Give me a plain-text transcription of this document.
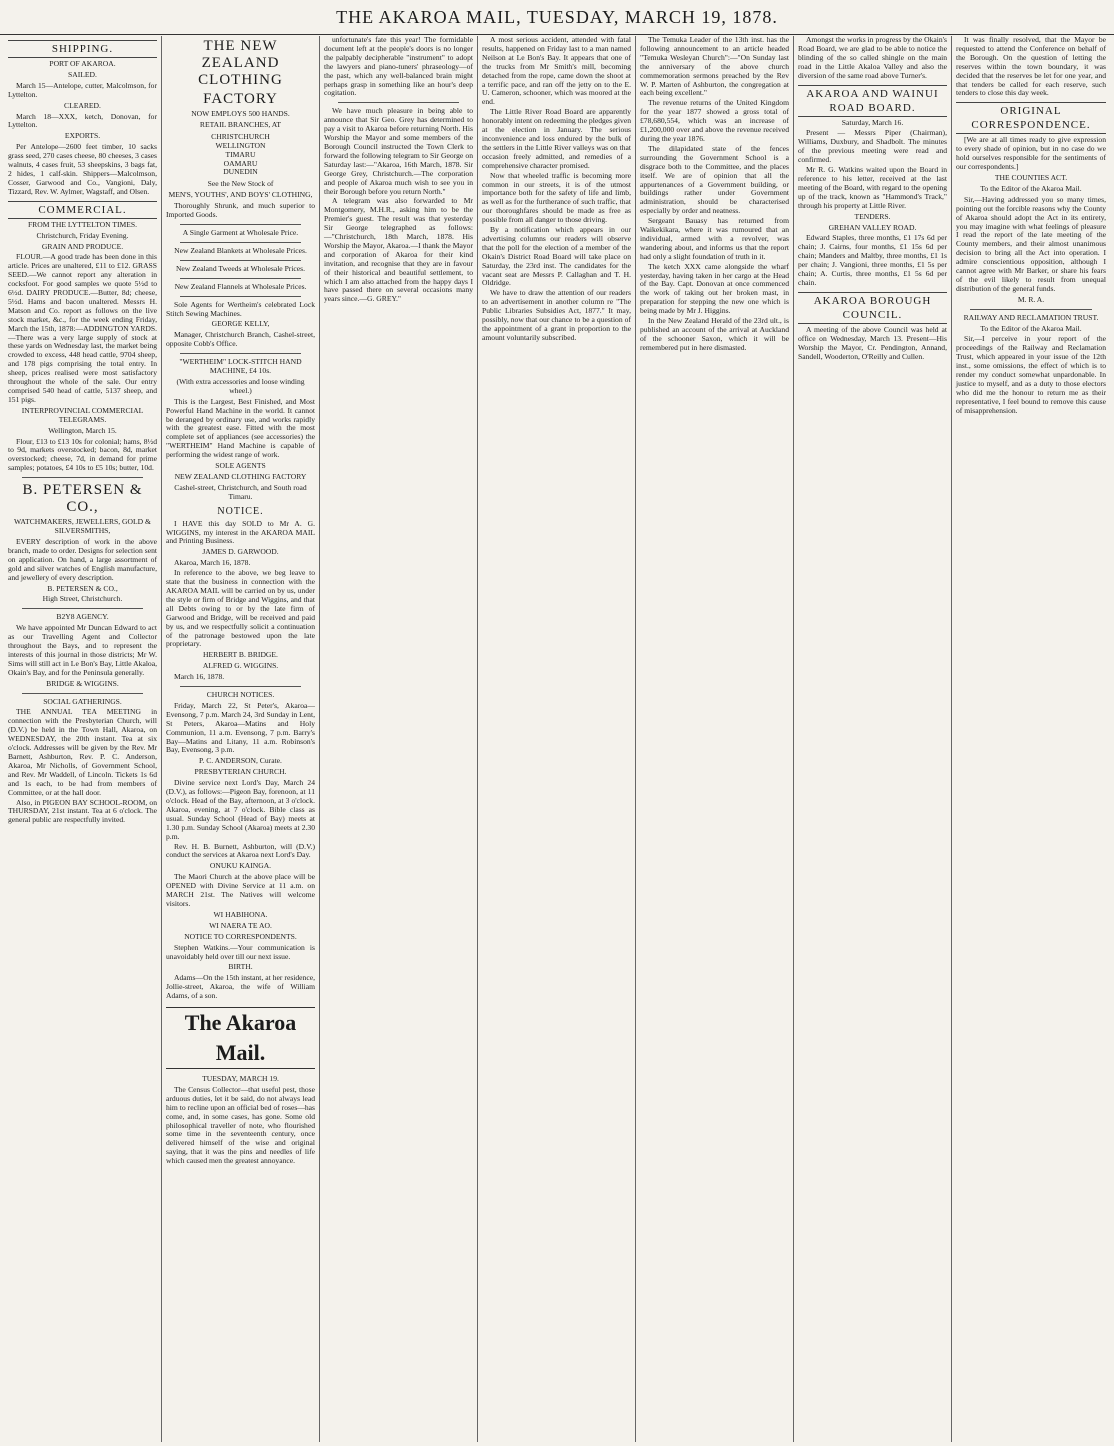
THE AKAROA MAIL, TUESDAY, MARCH 19, 1878.
SHIPPING.
PORT OF AKAROA.
SAILED.

March 15—Antelope, cutter, Malcolmson, for Lyttelton.

CLEARED.

March 18—XXX, ketch, Donovan, for Lyttelton.

EXPORTS.

Per Antelope—2600 feet timber, 10 sacks grass seed, 270 cases cheese, 80 cheeses, 3 cases walnuts, 4 cases fruit, 53 sheepskins, 3 bags fat, 2 hides, 1 calf-skin. Shippers—Malcolmson, Cosser, Garwood and Co., Vangioni, Daly, Tizzard, Rev. W. Aylmer, Wagstaff, and Olsen.

COMMERCIAL.
FROM THE LYTTELTON TIMES.
Christchurch, Friday Evening.
GRAIN AND PRODUCE.

FLOUR.—A good trade has been done in this article. Prices are unaltered, £11 to £12. GRASS SEED.—We cannot report any alteration in cocksfoot. For good samples we quote 5½d to 6½d. DAIRY PRODUCE.—Butter, 8d; cheese, 5½d. Hams and bacon unaltered. Messrs H. Matson and Co. report as follows on the live stock market, &c., for the week ending Friday, March the 15th, 1878:—ADDINGTON YARDS.—There was a very large supply of stock at these yards on Wednesday last, the market being crowded to excess, 448 head cattle, 9704 sheep, and 178 pigs comprising the total entry. In sheep, prices realised were most satisfactory throughout the whole of the sale. Our entry comprised 540 head of cattle, 5137 sheep, and 151 pigs.

INTERPROVINCIAL COMMERCIAL TELEGRAMS.
Wellington, March 15.

Flour, £13 to £13 10s for colonial; hams, 8½d to 9d, markets overstocked; bacon, 8d, market overstocked; cheese, 7d, in demand for prime samples; potatoes, £4 10s to £5 10s; butter, 10d.

B. PETERSEN & CO.,
WATCHMAKERS, JEWELLERS, GOLD & SILVERSMITHS,

EVERY description of work in the above branch, made to order. Designs for selection sent on application. On hand, a large assortment of gold and silver watches of English manufacture, and jewellery of every description.

B. PETERSEN & CO.,
High Street, Christchurch.
B2Y8 AGENCY.

We have appointed Mr Duncan Edward to act as our Travelling Agent and Collector throughout the Bays, and to represent the interests of this journal in those districts; Mr W. Sims will still act in Le Bon's Bay, Little Akaloa, Okain's Bay, and for the Peninsula generally.

BRIDGE & WIGGINS.
SOCIAL GATHERINGS.

THE ANNUAL TEA MEETING in connection with the Presbyterian Church, will (D.V.) be held in the Town Hall, Akaroa, on WEDNESDAY, the 20th instant. Tea at six o'clock. Addresses will be given by the Rev. Mr Barnett, Ashburton, Rev. P. C. Anderson, Akaroa, Mr Nicholls, of Government School, and Rev. Mr Waddell, of Lincoln. Tickets 1s 6d and 1s each, to be had from members of Committee, or at the hall door.

Also, in PIGEON BAY SCHOOL-ROOM, on THURSDAY, 21st instant. Tea at 6 o'clock. The general public are respectfully invited.

THE NEW ZEALAND CLOTHING
FACTORY
NOW EMPLOYS 500 HANDS.
RETAIL BRANCHES, AT
CHRISTCHURCH
WELLINGTON
TIMARU
OAMARU
DUNEDIN
See the New Stock of
MEN'S, YOUTHS', AND BOYS' CLOTHING,

Thoroughly Shrunk, and much superior to Imported Goods.

A Single Garment at Wholesale Price.
New Zealand Blankets at Wholesale Prices.
New Zealand Tweeds at Wholesale Prices.
New Zealand Flannels at Wholesale Prices.

Sole Agents for Wertheim's celebrated Lock Stitch Sewing Machines.

GEORGE KELLY,

Manager, Christchurch Branch, Cashel-street, opposite Cobb's Office.

"WERTHEIM" LOCK-STITCH HAND MACHINE, £4 10s.
(With extra accessories and loose winding wheel.)

This is the Largest, Best Finished, and Most Powerful Hand Machine in the world. It cannot be deranged by ordinary use, and works rapidly with the greatest ease. Fitted with the most complete set of appliances (see accessories) the "WERTHEIM" Hand Machine is capable of performing the widest range of work.

SOLE AGENTS
NEW ZEALAND CLOTHING FACTORY
Cashel-street, Christchurch, and South road Timaru.
NOTICE.

I HAVE this day SOLD to Mr A. G. WIGGINS, my interest in the AKAROA MAIL and Printing Business.

JAMES D. GARWOOD.

Akaroa, March 16, 1878.

In reference to the above, we beg leave to state that the business in connection with the AKAROA MAIL will be carried on by us, under the style or firm of Bridge and Wiggins, and that all Debts owing to or by the late firm of Garwood and Bridge, will be received and paid by us, and we respectfully solicit a continuation of the patronage bestowed upon the late proprietary.

HERBERT B. BRIDGE.
ALFRED G. WIGGINS.

March 16, 1878.

CHURCH NOTICES.

Friday, March 22, St Peter's, Akaroa—Evensong, 7 p.m. March 24, 3rd Sunday in Lent, St Peters, Akaroa—Matins and Holy Communion, 11 a.m. Evensong, 7 p.m. Barry's Bay—Matins and Litany, 11 a.m. Robinson's Bay, Evensong, 3 p.m.

P. C. ANDERSON, Curate.
PRESBYTERIAN CHURCH.

Divine service next Lord's Day, March 24 (D.V.), as follows:—Pigeon Bay, forenoon, at 11 o'clock. Head of the Bay, afternoon, at 3 o'clock. Akaroa, evening, at 7 o'clock. Bible class as usual. Sunday School (Head of Bay) meets at 1.30 p.m. Sunday School (Akaroa) meets at 2.30 p.m.

Rev. H. B. Burnett, Ashburton, will (D.V.) conduct the services at Akaroa next Lord's Day.

ONUKU KAINGA.

The Maori Church at the above place will be OPENED with Divine Service at 11 a.m. on MARCH 21st. The Natives will welcome visitors.

WI HABIHONA.
WI NAERA TE AO.
NOTICE TO CORRESPONDENTS.

Stephen Watkins.—Your communication is unavoidably held over till our next issue.

BIRTH.

Adams—On the 15th instant, at her residence, Jollie-street, Akaroa, the wife of William Adams, of a son.

The Akaroa Mail.
TUESDAY, MARCH 19.

The Census Collector—that useful pest, those arduous duties, let it be said, do not always lead him to recline upon an official bed of roses—has come, and, in some cases, has gone. Some old philosophical traveller of note, who flourished some time in the seventeenth century, once delivered himself of the wise and original saying, that it was the pins and needles of life which caused men the greatest annoyance.

unfortunate's fate this year! The formidable document left at the people's doors is no longer the palpably decipherable "instrument" to adopt the lawyers and piano-tuners' phraseology—of the past, which any well-balanced brain might perhaps grasp in something like an hour's deep cogitation.

We have much pleasure in being able to announce that Sir Geo. Grey has determined to pay a visit to Akaroa before returning North. His Worship the Mayor and some members of the Borough Council instructed the Town Clerk to forward the following telegram to Sir George on Saturday last:—"Akaroa, 16th March, 1878. Sir George Grey, Christchurch.—The corporation and people of Akaroa much wish to see you in their Borough before you return North."

A telegram was also forwarded to Mr Montgomery, M.H.R., asking him to be the Premier's guest. The result was that yesterday Sir George telegraphed as follows:—"Christchurch, 18th March, 1878. His Worship the Mayor, Akaroa.—I thank the Mayor and corporation of Akaroa for their kind invitation, and recognise that they are in favour of their historical and beautiful settlement, to which I am also attached from the happy days I have passed there on several occasions many years since.—G. GREY."

A most serious accident, attended with fatal results, happened on Friday last to a man named Neilson at Le Bon's Bay. It appears that one of the trucks from Mr Smith's mill, becoming detached from the rope, came down the shoot at a terrific pace, and ran off the jetty on to the E. U. Cameron, schooner, which was moored at the end.

The Little River Road Board are apparently honorably intent on redeeming the pledges given at the election in January. The serious inconvenience and loss endured by the bulk of the settlers in the Little River valleys was on that occasion freely admitted, and remedies of a comprehensive character promised.

Now that wheeled traffic is becoming more common in our streets, it is of the utmost importance both for the safety of life and limb, as well as for the furtherance of such traffic, that our thoroughfares should be made as free as possible from all danger to those driving.

By a notification which appears in our advertising columns our readers will observe that the poll for the election of a member of the Okain's District Road Board will take place on Saturday, the 23rd inst. The candidates for the vacant seat are Messrs P. Callaghan and T. H. Oldridge.

We have to draw the attention of our readers to an advertisement in another column re "The Public Libraries Subsidies Act, 1877." It may, possibly, now that our chance to be a question of the appointment of a grant in proportion to the amount voluntarily subscribed.

The Temuka Leader of the 13th inst. has the following announcement to an article headed "Temuka Wesleyan Church":—"On Sunday last the anniversary of the above church commemoration sermons preached by the Rev W. P. Marten of Ashburton, the congregation at each being excellent."

The revenue returns of the United Kingdom for the year 1877 showed a gross total of £78,680,554, which was an increase of £1,200,000 over and above the revenue received during the year 1876.

The dilapidated state of the fences surrounding the Government School is a disgrace both to the Committee, and the places itself. We are of opinion that all the appurtenances of a Government building, or buildings rather under Government administration, should be characterised especially by order and neatness.

Sergeant Bauasy has returned from Waikekikara, where it was rumoured that an individual, armed with a revolver, was wandering about, and informs us that the report had only a slight foundation of truth in it.

The ketch XXX came alongside the wharf yesterday, having taken in her cargo at the Head of the Bay. Capt. Donovan at once commenced the work of taking out her broken mast, in preparation for stepping the new one which is being made by Mr J. Higgins.

In the New Zealand Herald of the 23rd ult., is published an account of the arrival at Auckland of the schooner Saxon, which it will be remembered put in here dismasted.

Amongst the works in progress by the Okain's Road Board, we are glad to be able to notice the blinding of the so called shingle on the main road in the Little Akaloa Valley and also the diversion of the same road above Turner's.

AKAROA AND WAINUI ROAD BOARD.
Saturday, March 16.

Present — Messrs Piper (Chairman), Williams, Duxbury, and Shadbolt. The minutes of the previous meeting were read and confirmed.

Mr R. G. Watkins waited upon the Board in reference to his letter, received at the last meeting of the Board, with regard to the opening up of the track, known as "Hammond's Track," through his property at Little River.

TENDERS.
GREHAN VALLEY ROAD.

Edward Staples, three months, £1 17s 6d per chain; J. Cairns, four months, £1 15s 6d per chain; Manders and Maltby, three months, £1 1s per chain; J. Vangioni, three months, £1 5s per chain; A. Curtis, three months, £1 5s 6d per chain.

AKAROA BOROUGH COUNCIL.

A meeting of the above Council was held at office on Wednesday, March 13. Present—His Worship the Mayor, Cr. Pendington, Annand, Sandell, Wooderton, O'Reilly and Cullen.

It was finally resolved, that the Mayor be requested to attend the Conference on behalf of the Borough. On the question of letting the reserves within the town boundary, it was decided that the reserves be let for one year, and that tenders be called for each reserve, such tenders to close this day week.

ORIGINAL CORRESPONDENCE.

[We are at all times ready to give expression to every shade of opinion, but in no case do we hold ourselves responsible for the sentiments of our correspondents.]

THE COUNTIES ACT.
To the Editor of the Akaroa Mail.

Sir,—Having addressed you so many times, pointing out the forcible reasons why the County of Akaroa should adopt the Act in its entirety, you may imagine with what feelings of pleasure I read the report of the late meeting of the County members, and their almost unanimous decision to bring all the Act into operation. I admire conscientious opposition, although I cannot agree with Mr Barker, or share his fears of the evil likely to result from unequal distribution of the general funds.

M. R. A.
RAILWAY AND RECLAMATION TRUST.
To the Editor of the Akaroa Mail.

Sir,—I perceive in your report of the proceedings of the Railway and Reclamation Trust, which appeared in your issue of the 12th inst., some omissions, the effect of which is to render my conduct somewhat unpardonable. In justice to myself, and as a duty to those electors who did me the honour to return me as their representative, I feel bound to remove this cause of misapprehension.
